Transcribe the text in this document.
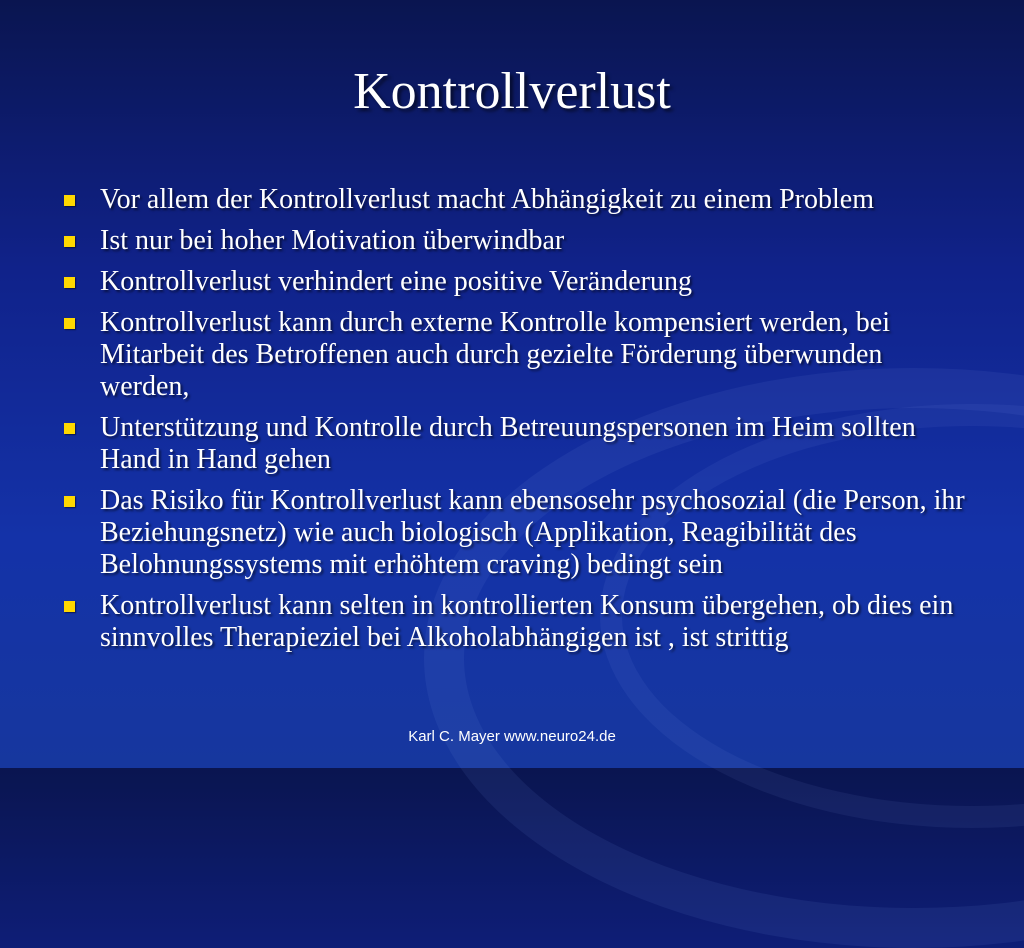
Kontrollverlust
Vor allem der Kontrollverlust macht Abhängigkeit zu einem Problem
Ist nur bei hoher Motivation überwindbar
Kontrollverlust verhindert eine positive Veränderung
Kontrollverlust kann durch externe Kontrolle kompensiert werden, bei Mitarbeit des Betroffenen auch durch gezielte Förderung überwunden werden,
Unterstützung und Kontrolle durch Betreuungspersonen im Heim sollten Hand in Hand gehen
Das Risiko für Kontrollverlust kann ebensosehr psychosozial (die Person, ihr Beziehungsnetz) wie auch biologisch (Applikation, Reagibilität des Belohnungssystems mit erhöhtem craving) bedingt sein
Kontrollverlust kann selten in kontrollierten Konsum übergehen, ob dies ein sinnvolles Therapieziel bei Alkoholabhängigen ist , ist strittig
Karl C. Mayer www.neuro24.de
